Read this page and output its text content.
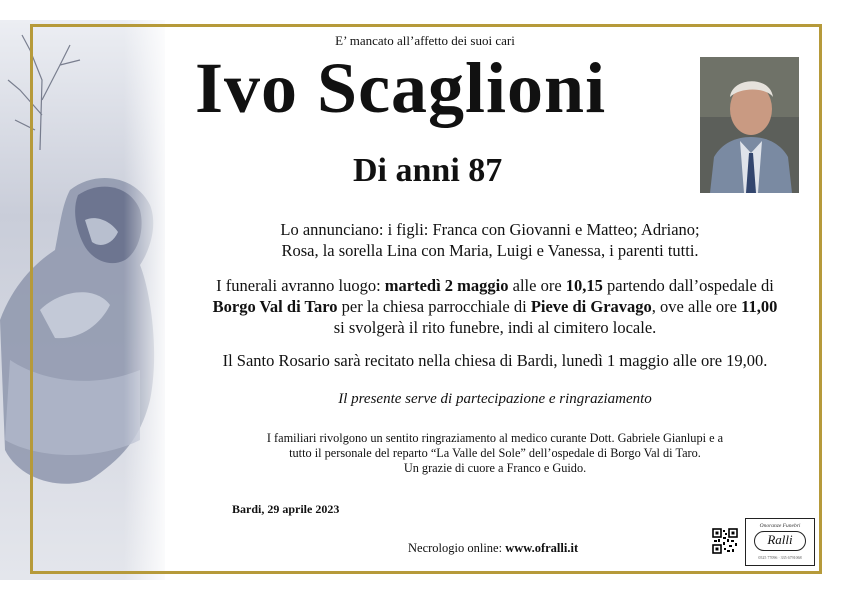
E’ mancato all’affetto dei suoi cari
Ivo Scaglioni
Di anni 87
Lo annunciano: i figli: Franca con Giovanni e Matteo; Adriano;
Rosa, la sorella Lina con Maria, Luigi e Vanessa, i parenti tutti.
I funerali avranno luogo: martedì 2 maggio alle ore 10,15 partendo dall’ospedale di
Borgo Val di Taro per la chiesa parrocchiale di Pieve di Gravago, ove alle ore 11,00
si svolgerà il rito funebre, indi al cimitero locale.
Il Santo Rosario sarà recitato nella chiesa di Bardi, lunedì 1 maggio alle ore 19,00.
Il presente serve di partecipazione e ringraziamento
I familiari rivolgono un sentito ringraziamento al medico curante Dott. Gabriele Gianlupi e a
tutto il personale del reparto “La Valle del Sole” dell’ospedale di Borgo Val di Taro.
Un grazie di cuore a Franco e Guido.
Bardi, 29 aprile 2023
Necrologio online: www.ofralli.it
Onoranze Funebri
Ralli
0525 77096 · 335 6791068
